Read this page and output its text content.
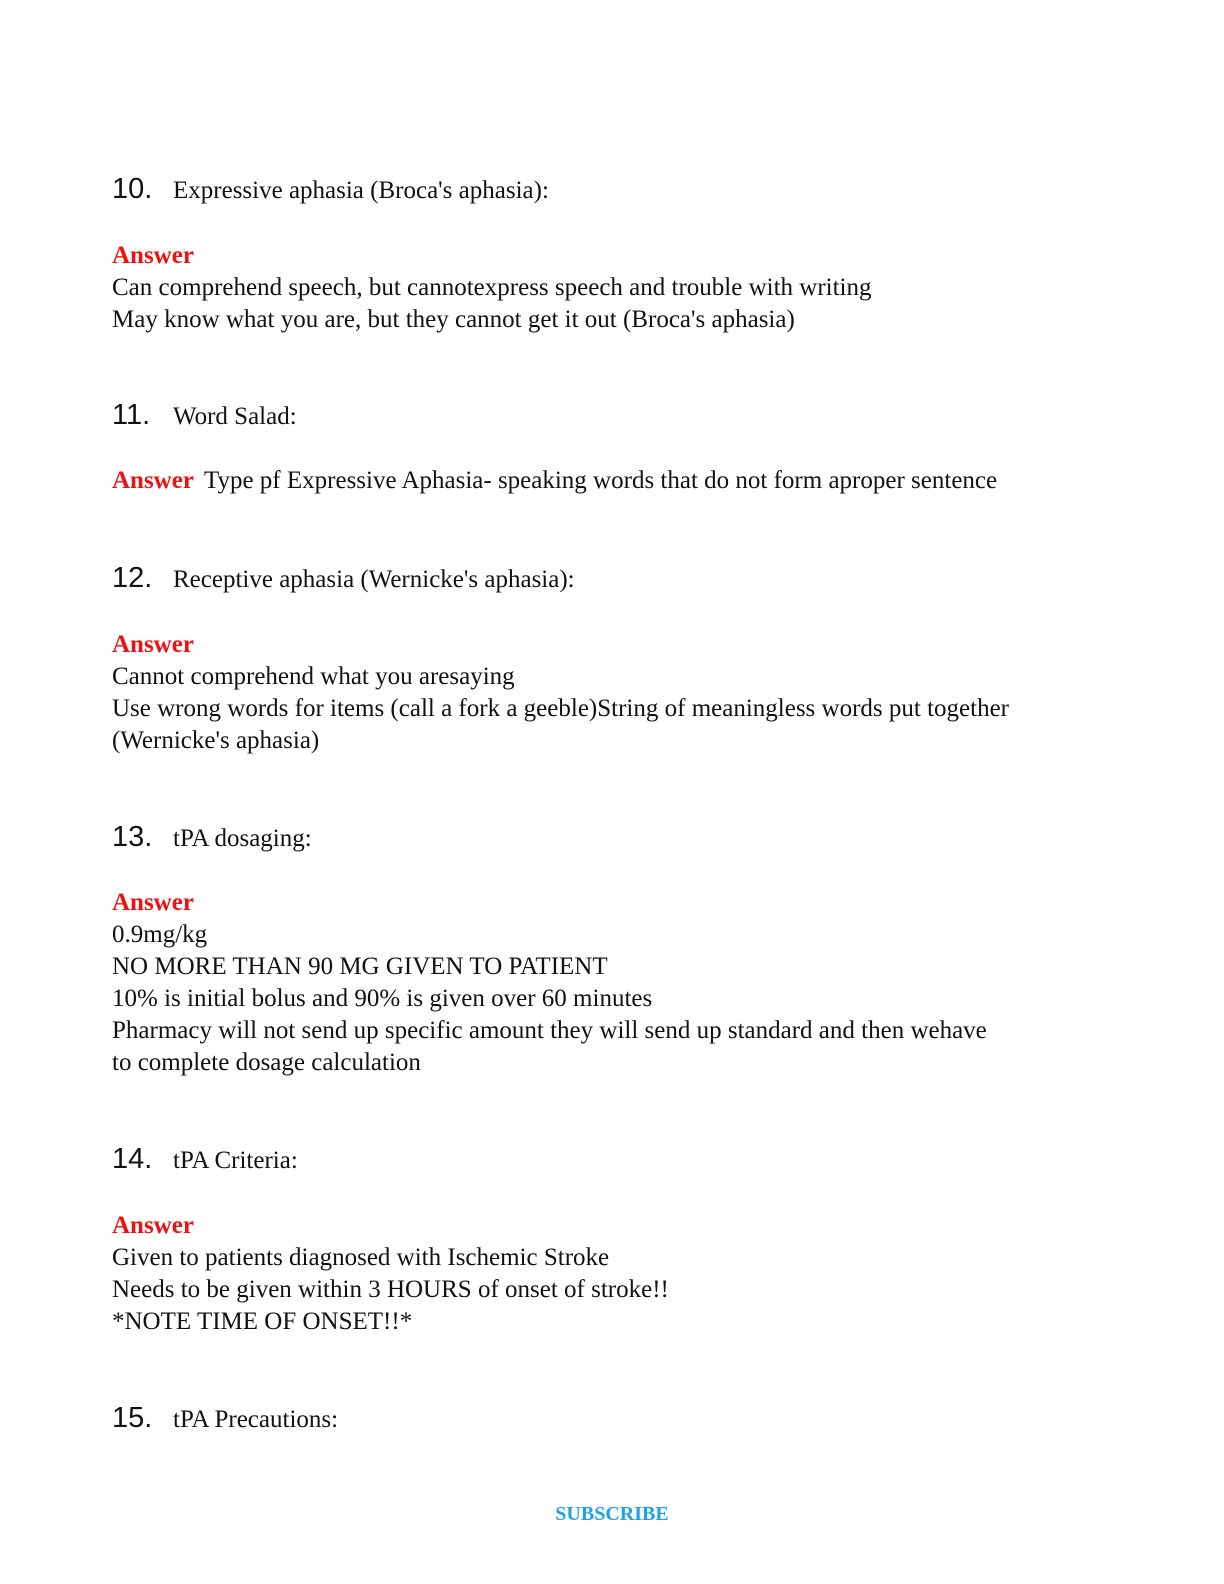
10. Expressive aphasia (Broca's aphasia):
Answer
Can comprehend speech, but cannotexpress speech and trouble with writing
May know what you are, but they cannot get it out (Broca's aphasia)
11. Word Salad:
Answer Type pf Expressive Aphasia- speaking words that do not form aproper sentence
12. Receptive aphasia (Wernicke's aphasia):
Answer
Cannot comprehend what you aresaying
Use wrong words for items (call a fork a geeble)String of meaningless words put together
(Wernicke's aphasia)
13. tPA dosaging:
Answer
0.9mg/kg
NO MORE THAN 90 MG GIVEN TO PATIENT
10% is initial bolus and 90% is given over 60 minutes
Pharmacy will not send up specific amount they will send up standard and then wehave
to complete dosage calculation
14. tPA Criteria:
Answer
Given to patients diagnosed with Ischemic Stroke
Needs to be given within 3 HOURS of onset of stroke!!
*NOTE TIME OF ONSET!!*
15. tPA Precautions:
SUBSCRIBE
